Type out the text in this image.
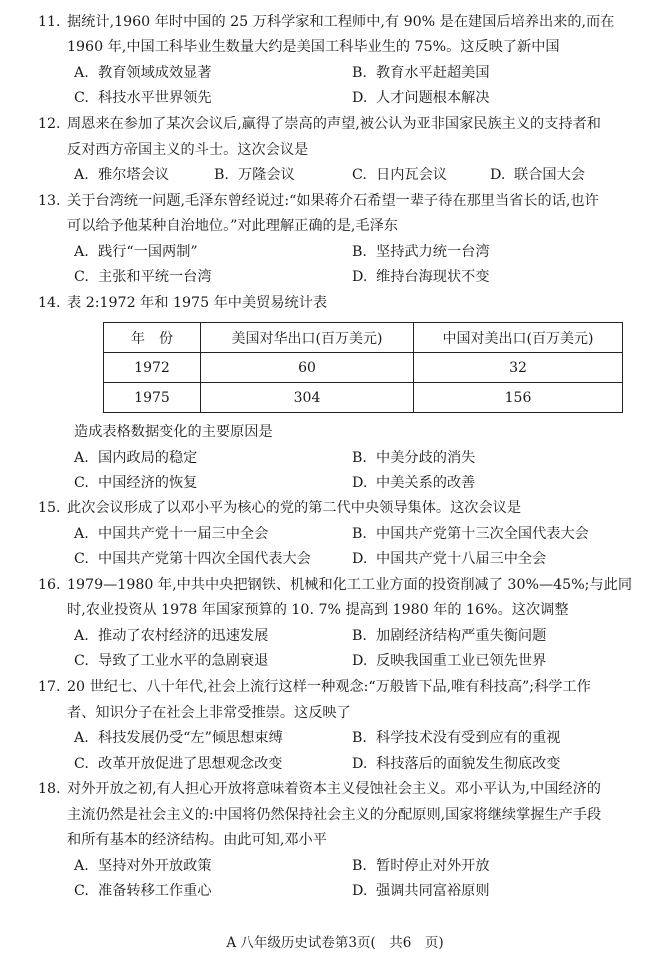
11. 据统计,1960 年时中国的 25 万科学家和工程师中,有 90% 是在建国后培养出来的,而在
1960 年,中国工科毕业生数量大约是美国工科毕业生的 75%。这反映了新中国
A. 教育领域成效显著	B. 教育水平赶超美国
C. 科技水平世界领先	D. 人才问题根本解决
12. 周恩来在参加了某次会议后,赢得了崇高的声望,被公认为亚非国家民族主义的支持者和
反对西方帝国主义的斗士。这次会议是
A. 雅尔塔会议	B. 万隆会议	C. 日内瓦会议	D. 联合国大会
13. 关于台湾统一问题,毛泽东曾经说过:“如果蒋介石希望一辈子待在那里当省长的话,也许
可以给予他某种自治地位。”对此理解正确的是,毛泽东
A. 践行“一国两制”	B. 坚持武力统一台湾
C. 主张和平统一台湾	D. 维持台海现状不变
14. 表 2:1972 年和 1975 年中美贸易统计表
年　份	美国对华出口(百万美元)	中国对美出口(百万美元)
1972	60	32
1975	304	156
造成表格数据变化的主要原因是
A. 国内政局的稳定	B. 中美分歧的消失
C. 中国经济的恢复	D. 中美关系的改善
15. 此次会议形成了以邓小平为核心的党的第二代中央领导集体。这次会议是
A. 中国共产党十一届三中全会	B. 中国共产党第十三次全国代表大会
C. 中国共产党第十四次全国代表大会	D. 中国共产党十八届三中全会
16. 1979—1980 年,中共中央把钢铁、机械和化工工业方面的投资削减了 30%—45%;与此同
时,农业投资从 1978 年国家预算的 10. 7% 提高到 1980 年的 16%。这次调整
A. 推动了农村经济的迅速发展	B. 加剧经济结构严重失衡问题
C. 导致了工业水平的急剧衰退	D. 反映我国重工业已领先世界
17. 20 世纪七、八十年代,社会上流行这样一种观念:“万般皆下品,唯有科技高”;科学工作
者、知识分子在社会上非常受推崇。这反映了
A. 科技发展仍受“左”倾思想束缚	B. 科学技术没有受到应有的重视
C. 改革开放促进了思想观念改变	D. 科技落后的面貌发生彻底改变
18. 对外开放之初,有人担心开放将意味着资本主义侵蚀社会主义。邓小平认为,中国经济的
主流仍然是社会主义的:中国将仍然保持社会主义的分配原则,国家将继续掌握生产手段
和所有基本的经济结构。由此可知,邓小平
A. 坚持对外开放政策	B. 暂时停止对外开放
C. 准备转移工作重心	D. 强调共同富裕原则
A 八年级历史试卷第3页(　共6　页)
